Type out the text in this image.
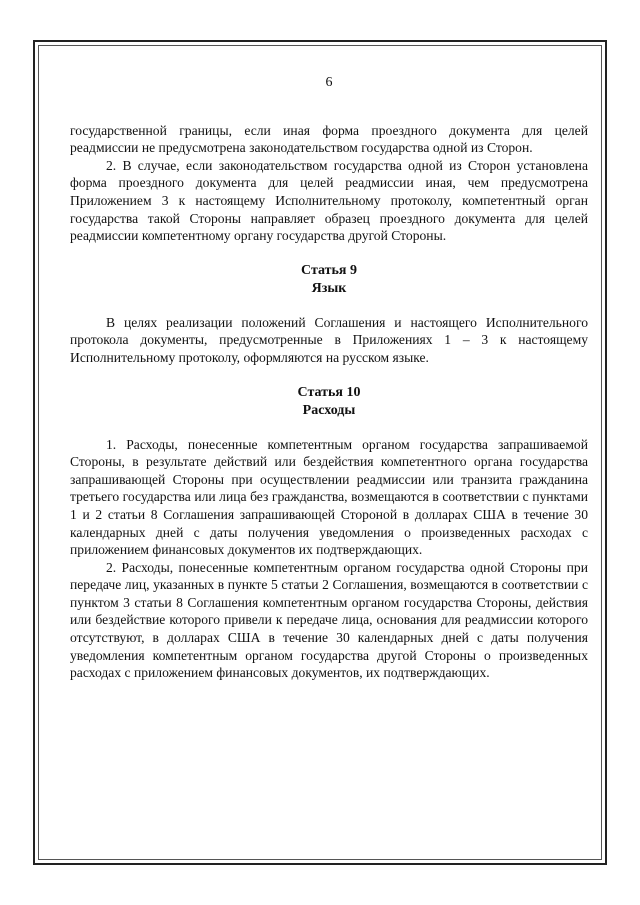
6

государственной границы, если иная форма проездного документа для целей реадмиссии не предусмотрена законодательством государства одной из Сторон.

2. В случае, если законодательством государства одной из Сторон установлена форма проездного документа для целей реадмиссии иная, чем предусмотрена Приложением 3 к настоящему Исполнительному протоколу, компетентный орган государства такой Стороны направляет образец проездного документа для целей реадмиссии компетентному органу государства другой Стороны.

Статья 9
Язык

В целях реализации положений Соглашения и настоящего Исполнительного протокола документы, предусмотренные в Приложениях 1 – 3 к настоящему Исполнительному протоколу, оформляются на русском языке.

Статья 10
Расходы

1. Расходы, понесенные компетентным органом государства запрашиваемой Стороны, в результате действий или бездействия компетентного органа государства запрашивающей Стороны при осуществлении реадмиссии или транзита гражданина третьего государства или лица без гражданства, возмещаются в соответствии с пунктами 1 и 2 статьи 8 Соглашения запрашивающей Стороной в долларах США в течение 30 календарных дней с даты получения уведомления о произведенных расходах с приложением финансовых документов их подтверждающих.

2. Расходы, понесенные компетентным органом государства одной Стороны при передаче лиц, указанных в пункте 5 статьи 2 Соглашения, возмещаются в соответствии с пунктом 3 статьи 8 Соглашения компетентным органом государства Стороны, действия или бездействие которого привели к передаче лица, основания для реадмиссии которого отсутствуют, в долларах США в течение 30 календарных дней с даты получения уведомления компетентным органом государства другой Стороны о произведенных расходах с приложением финансовых документов, их подтверждающих.
